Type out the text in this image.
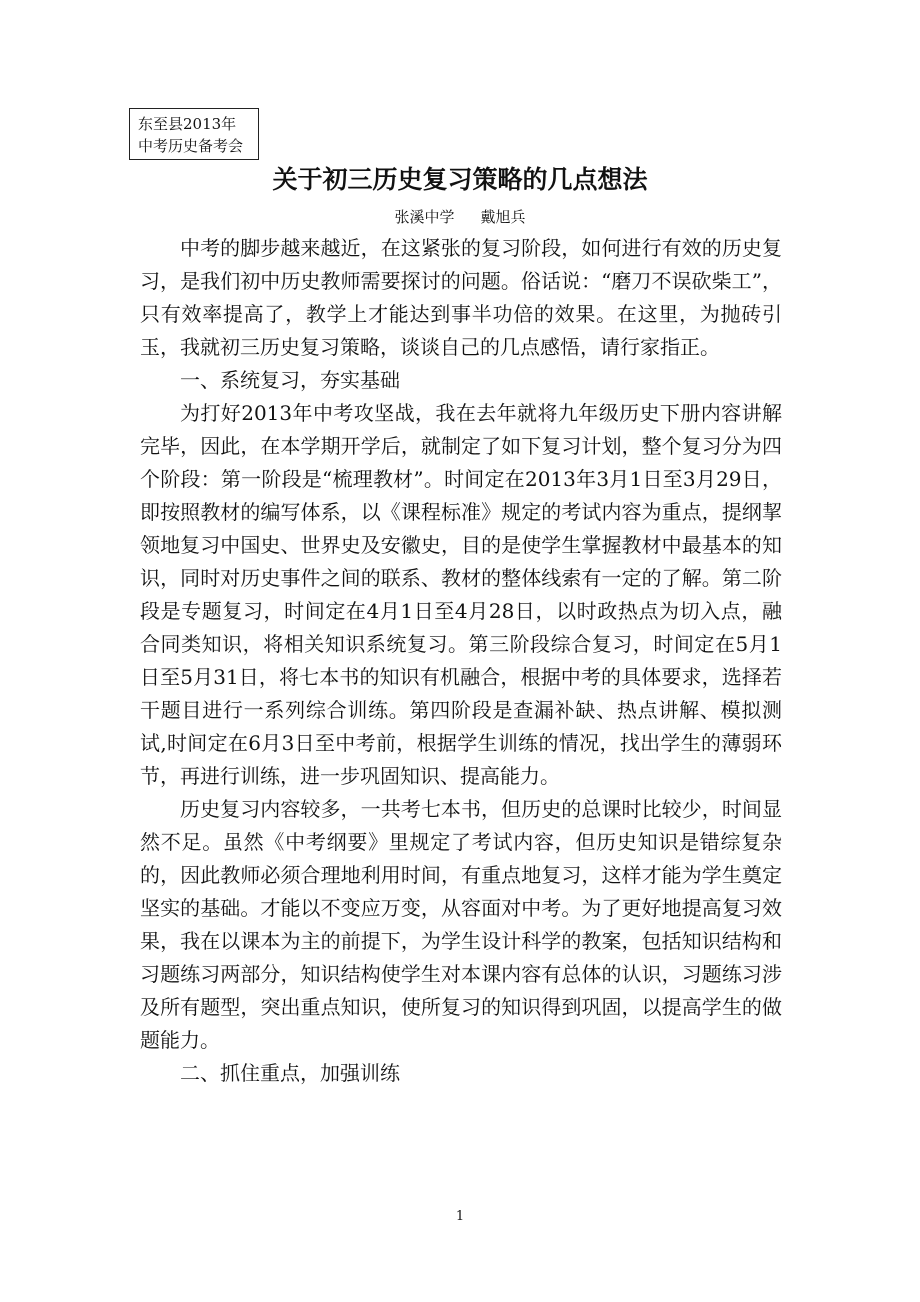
东至县2013年
中考历史备考会
关于初三历史复习策略的几点想法
张溪中学 戴旭兵

中考的脚步越来越近，在这紧张的复习阶段，如何进行有效的历史复习，是我们初中历史教师需要探讨的问题。俗话说：“磨刀不误砍柴工”，只有效率提高了，教学上才能达到事半功倍的效果。在这里，为抛砖引玉，我就初三历史复习策略，谈谈自己的几点感悟，请行家指正。

一、系统复习，夯实基础

为打好2013年中考攻坚战，我在去年就将九年级历史下册内容讲解完毕，因此，在本学期开学后，就制定了如下复习计划，整个复习分为四个阶段：第一阶段是“梳理教材”。时间定在2013年3月1日至3月29日，即按照教材的编写体系，以《课程标准》规定的考试内容为重点，提纲挈领地复习中国史、世界史及安徽史，目的是使学生掌握教材中最基本的知识，同时对历史事件之间的联系、教材的整体线索有一定的了解。第二阶段是专题复习，时间定在4月1日至4月28日，以时政热点为切入点，融合同类知识，将相关知识系统复习。第三阶段综合复习，时间定在5月1日至5月31日，将七本书的知识有机融合，根据中考的具体要求，选择若干题目进行一系列综合训练。第四阶段是查漏补缺、热点讲解、模拟测试,时间定在6月3日至中考前，根据学生训练的情况，找出学生的薄弱环节，再进行训练，进一步巩固知识、提高能力。

历史复习内容较多，一共考七本书，但历史的总课时比较少，时间显然不足。虽然《中考纲要》里规定了考试内容，但历史知识是错综复杂的，因此教师必须合理地利用时间，有重点地复习，这样才能为学生奠定坚实的基础。才能以不变应万变，从容面对中考。为了更好地提高复习效果，我在以课本为主的前提下，为学生设计科学的教案，包括知识结构和习题练习两部分，知识结构使学生对本课内容有总体的认识，习题练习涉及所有题型，突出重点知识，使所复习的知识得到巩固，以提高学生的做题能力。

二、抓住重点，加强训练

1
